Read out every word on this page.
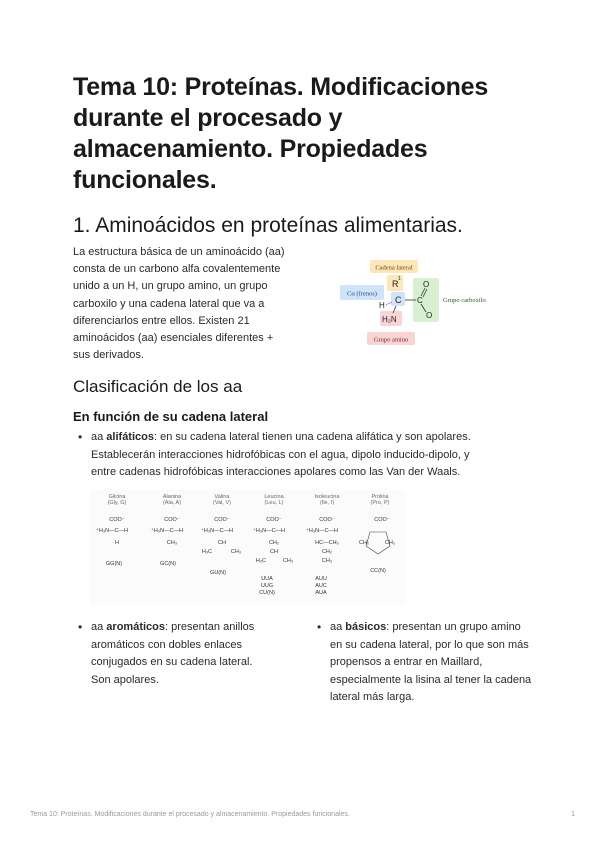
Tema 10: Proteínas. Modificaciones durante el procesado y almacenamiento. Propiedades funcionales.
1. Aminoácidos en proteínas alimentarias.

La estructura básica de un aminoácido (aa) consta de un carbono alfa covalentemente unido a un H, un grupo amino, un grupo carboxilo y una cadena lateral que va a diferenciarlos entre ellos. Existen 21 aminoácidos (aa) esenciales diferentes + sus derivados.

Cadena lateral
Cα (frenos)
R 1
C
H
C
O
O
Grupo carboxilo
H₂N
Grupo amino
Clasificación de los aa
En función de su cadena lateral
• aa alifáticos: en su cadena lateral tienen una cadena alifática y son apolares. Establecerán interacciones hidrofóbicas con el agua, dipolo inducido-dipolo, y entre cadenas hidrofóbicas interacciones apolares como las Van der Waals.
Glicina
(Gly, G)
COO⁻
⁺H₃N—C—H
H
GG(N)
Alanina
(Ala, A)
COO⁻
⁺H₃N—C—H
CH₃
GC(N)
Valina
(Val, V)
COO⁻
⁺H₃N—C—H
CH
H₃C	CH₃
GU(N)
Leucina
(Leu, L)
COO⁻
⁺H₃N—C—H
CH₂
CH
H₃C	CH₃
UUA
UUG
CU(N)
Isoleucina
(Ile, I)
COO⁻
⁺H₃N—C—H
HC—CH₃
CH₂
CH₃
AUU
AUC
AUA
Prolina
(Pro, P)
COO⁻
CH₂
CH₂
CC(N)
• aa aromáticos: presentan anillos aromáticos con dobles enlaces conjugados en su cadena lateral. Son apolares.
• aa básicos: presentan un grupo amino en su cadena lateral, por lo que son más propensos a entrar en Maillard, especialmente la lisina al tener la cadena lateral más larga.
Tema 10: Proteínas. Modificaciones durante el procesado y almacenamiento. Propiedades funcionales.	1
